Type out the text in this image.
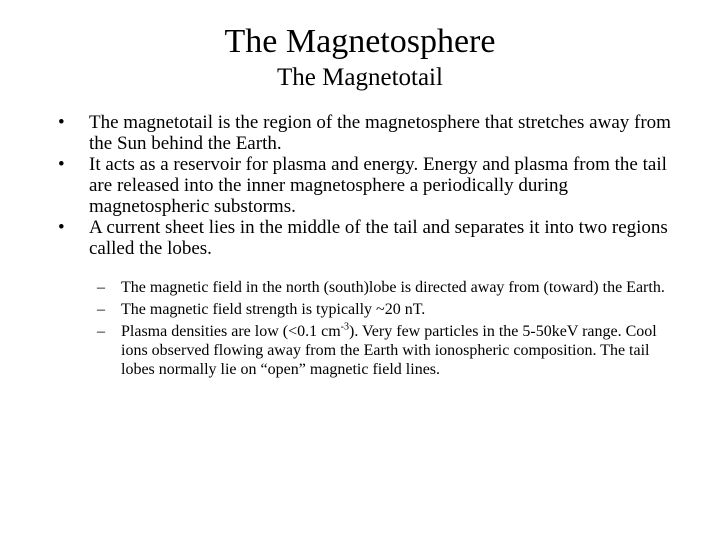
The Magnetosphere
The Magnetotail
• The magnetotail is the region of the magnetosphere that stretches away from the Sun behind the Earth.
• It acts as a reservoir for plasma and energy. Energy and plasma from the tail are released into the inner magnetosphere a periodically during magnetospheric substorms.
• A current sheet lies in the middle of the tail and separates it into two regions called the lobes.
– The magnetic field in the north (south)lobe is directed away from (toward) the Earth.
– The magnetic field strength is typically ~20 nT.
– Plasma densities are low (<0.1 $cm^{-3}$). Very few particles in the 5-50keV range. Cool ions observed flowing away from the Earth with ionospheric composition. The tail lobes normally lie on “open” magnetic field lines.
